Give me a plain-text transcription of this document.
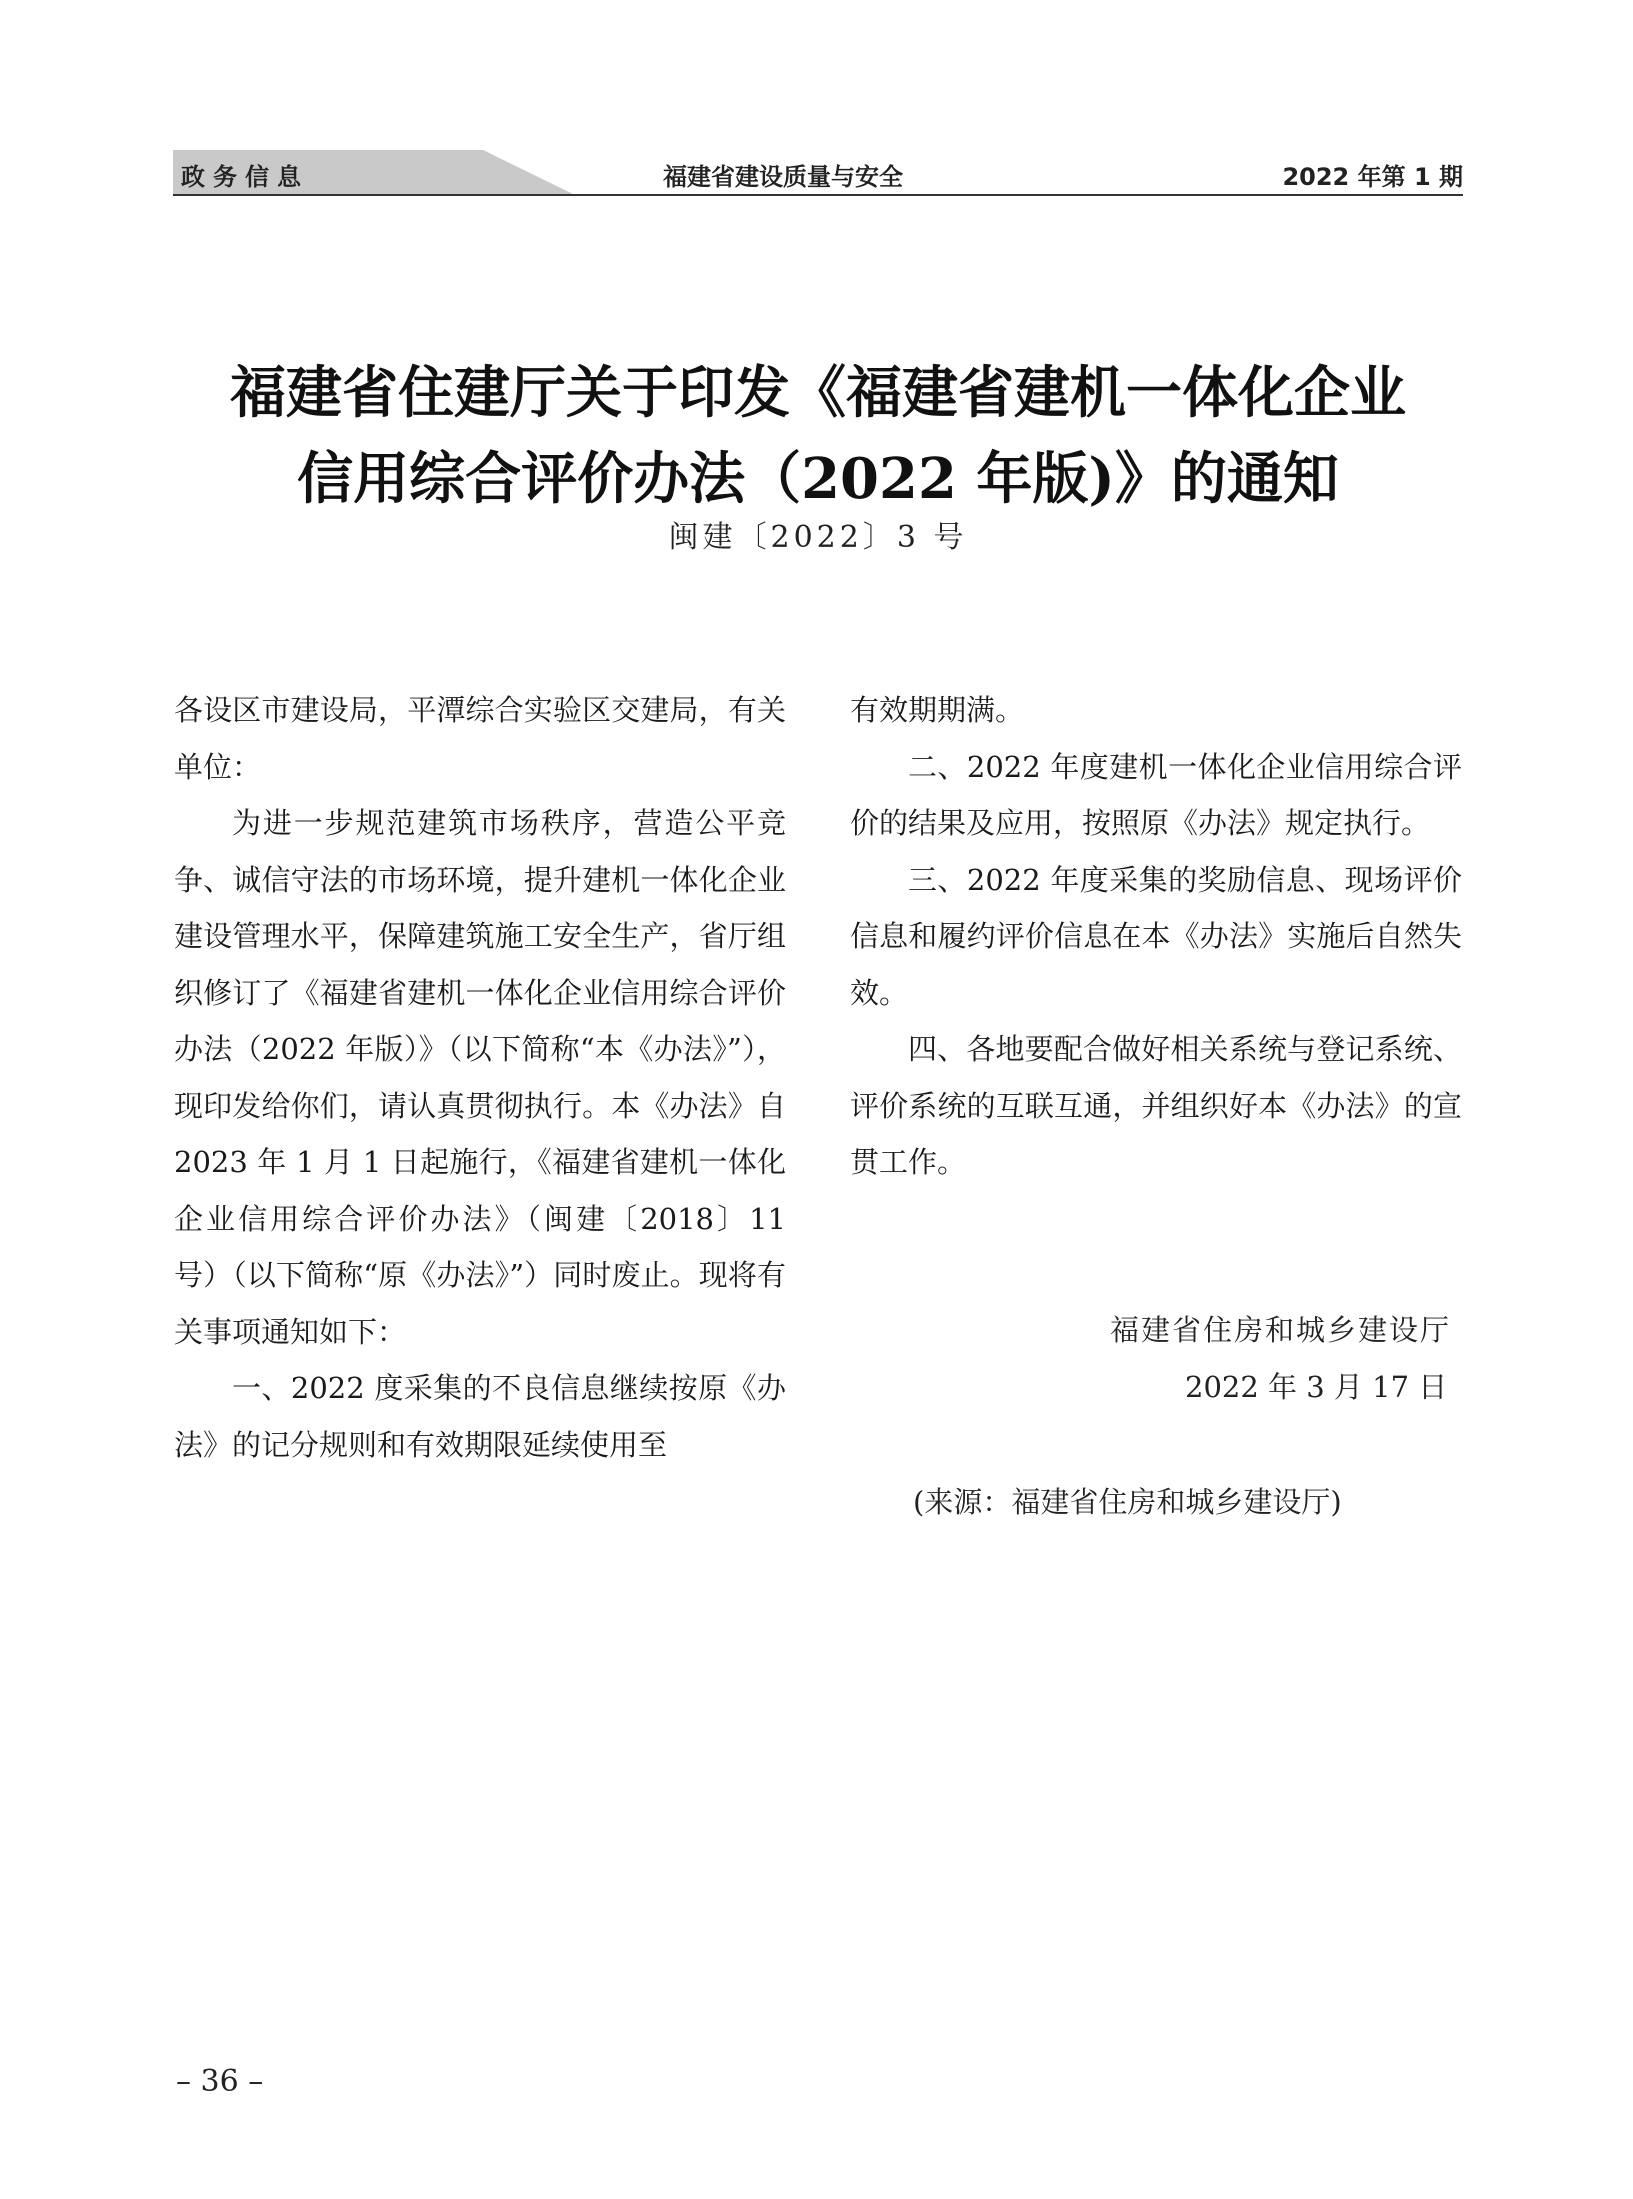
政务信息	福建省建设质量与安全	2022 年第 1 期
福建省住建厅关于印发《福建省建机一体化企业
信用综合评价办法（2022 年版)》的通知
闽建〔2022〕3 号

各设区市建设局，平潭综合实验区交建局，有关单位：

为进一步规范建筑市场秩序，营造公平竞争、诚信守法的市场环境，提升建机一体化企业建设管理水平，保障建筑施工安全生产，省厅组织修订了《福建省建机一体化企业信用综合评价办法（2022 年版）》（以下简称“本《办法》”），现印发给你们，请认真贯彻执行。本《办法》自 2023 年 1 月 1 日起施行，《福建省建机一体化企业信用综合评价办法》（闽建〔2018〕11 号）（以下简称“原《办法》”）同时废止。现将有关事项通知如下：

一、2022 度采集的不良信息继续按原《办法》的记分规则和有效期限延续使用至

有效期期满。

二、2022 年度建机一体化企业信用综合评价的结果及应用，按照原《办法》规定执行。

三、2022 年度采集的奖励信息、现场评价信息和履约评价信息在本《办法》实施后自然失效。

四、各地要配合做好相关系统与登记系统、评价系统的互联互通，并组织好本《办法》的宣贯工作。

福建省住房和城乡建设厅
2022 年 3 月 17 日
(来源：福建省住房和城乡建设厅)
– 36 –
